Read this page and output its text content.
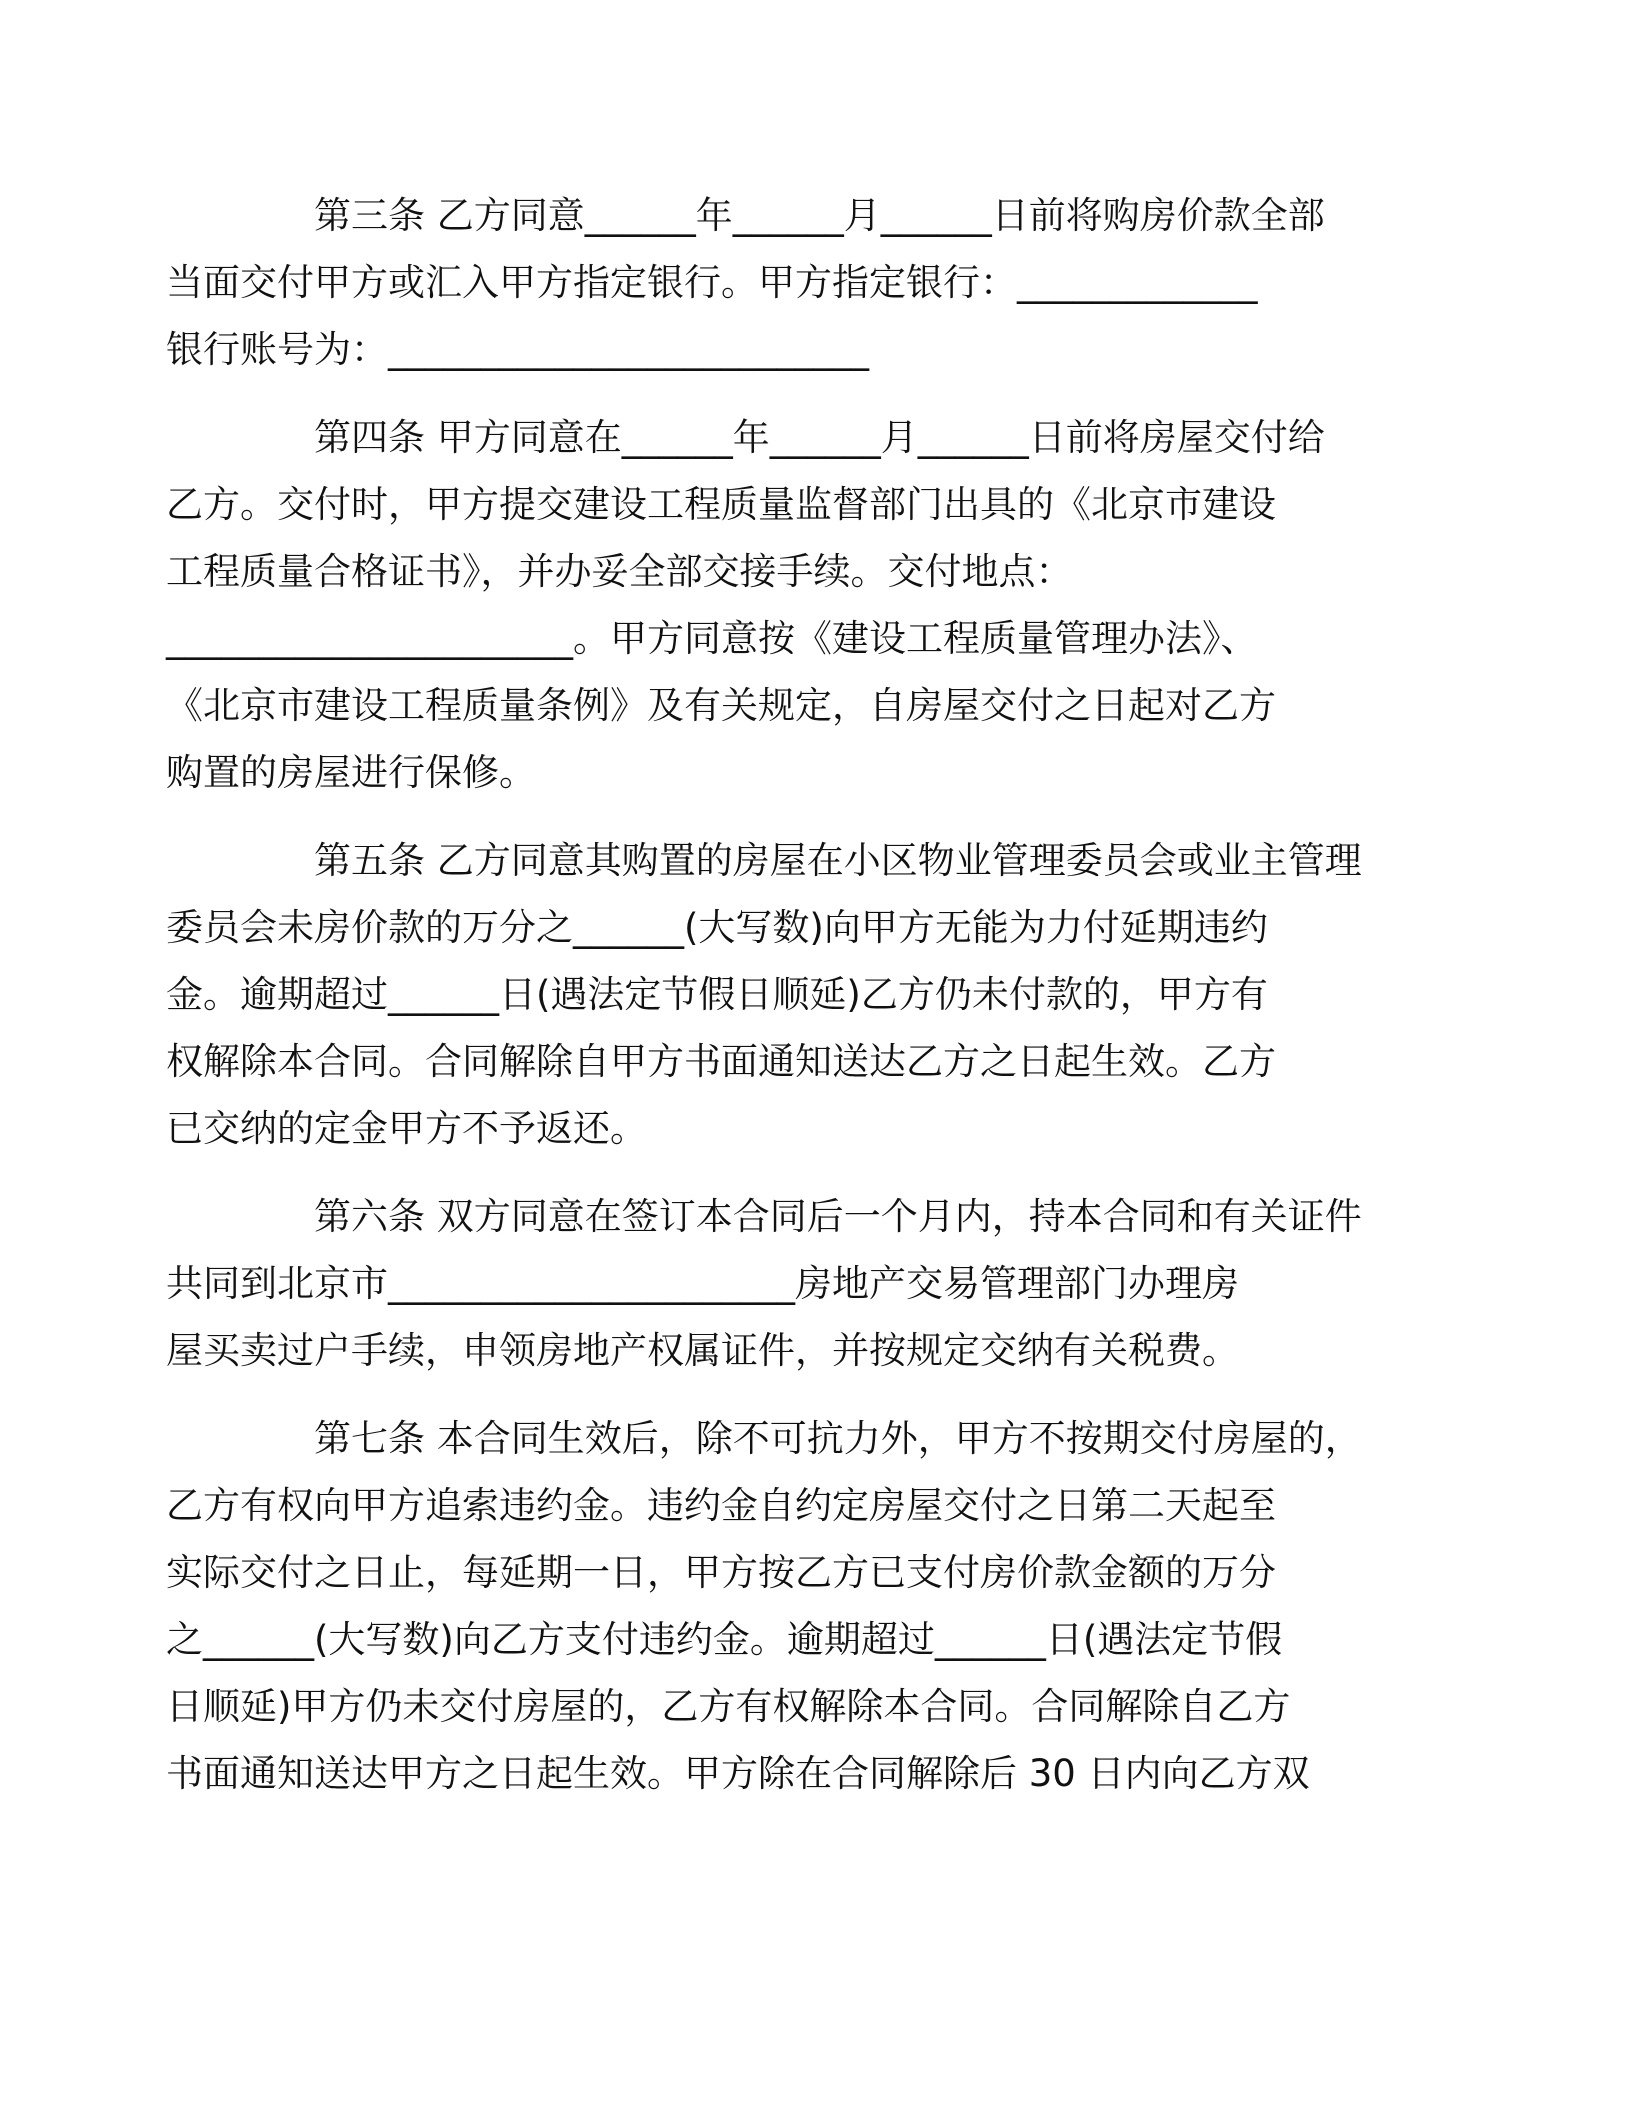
第三条 乙方同意______年______月______日前将购房价款全部
当面交付甲方或汇入甲方指定银行。甲方指定银行：_____________
银行账号为：__________________________

第四条 甲方同意在______年______月______日前将房屋交付给
乙方。交付时，甲方提交建设工程质量监督部门出具的《北京市建设
工程质量合格证书》，并办妥全部交接手续。交付地点：
______________________。甲方同意按《建设工程质量管理办法》、
《北京市建设工程质量条例》及有关规定，自房屋交付之日起对乙方
购置的房屋进行保修。

第五条 乙方同意其购置的房屋在小区物业管理委员会或业主管理
委员会未房价款的万分之______(大写数)向甲方无能为力付延期违约
金。逾期超过______日(遇法定节假日顺延)乙方仍未付款的，甲方有
权解除本合同。合同解除自甲方书面通知送达乙方之日起生效。乙方
已交纳的定金甲方不予返还。

第六条 双方同意在签订本合同后一个月内，持本合同和有关证件
共同到北京市______________________房地产交易管理部门办理房
屋买卖过户手续，申领房地产权属证件，并按规定交纳有关税费。

第七条 本合同生效后，除不可抗力外，甲方不按期交付房屋的，
乙方有权向甲方追索违约金。违约金自约定房屋交付之日第二天起至
实际交付之日止，每延期一日，甲方按乙方已支付房价款金额的万分
之______(大写数)向乙方支付违约金。逾期超过______日(遇法定节假
日顺延)甲方仍未交付房屋的，乙方有权解除本合同。合同解除自乙方
书面通知送达甲方之日起生效。甲方除在合同解除后 30 日内向乙方双
